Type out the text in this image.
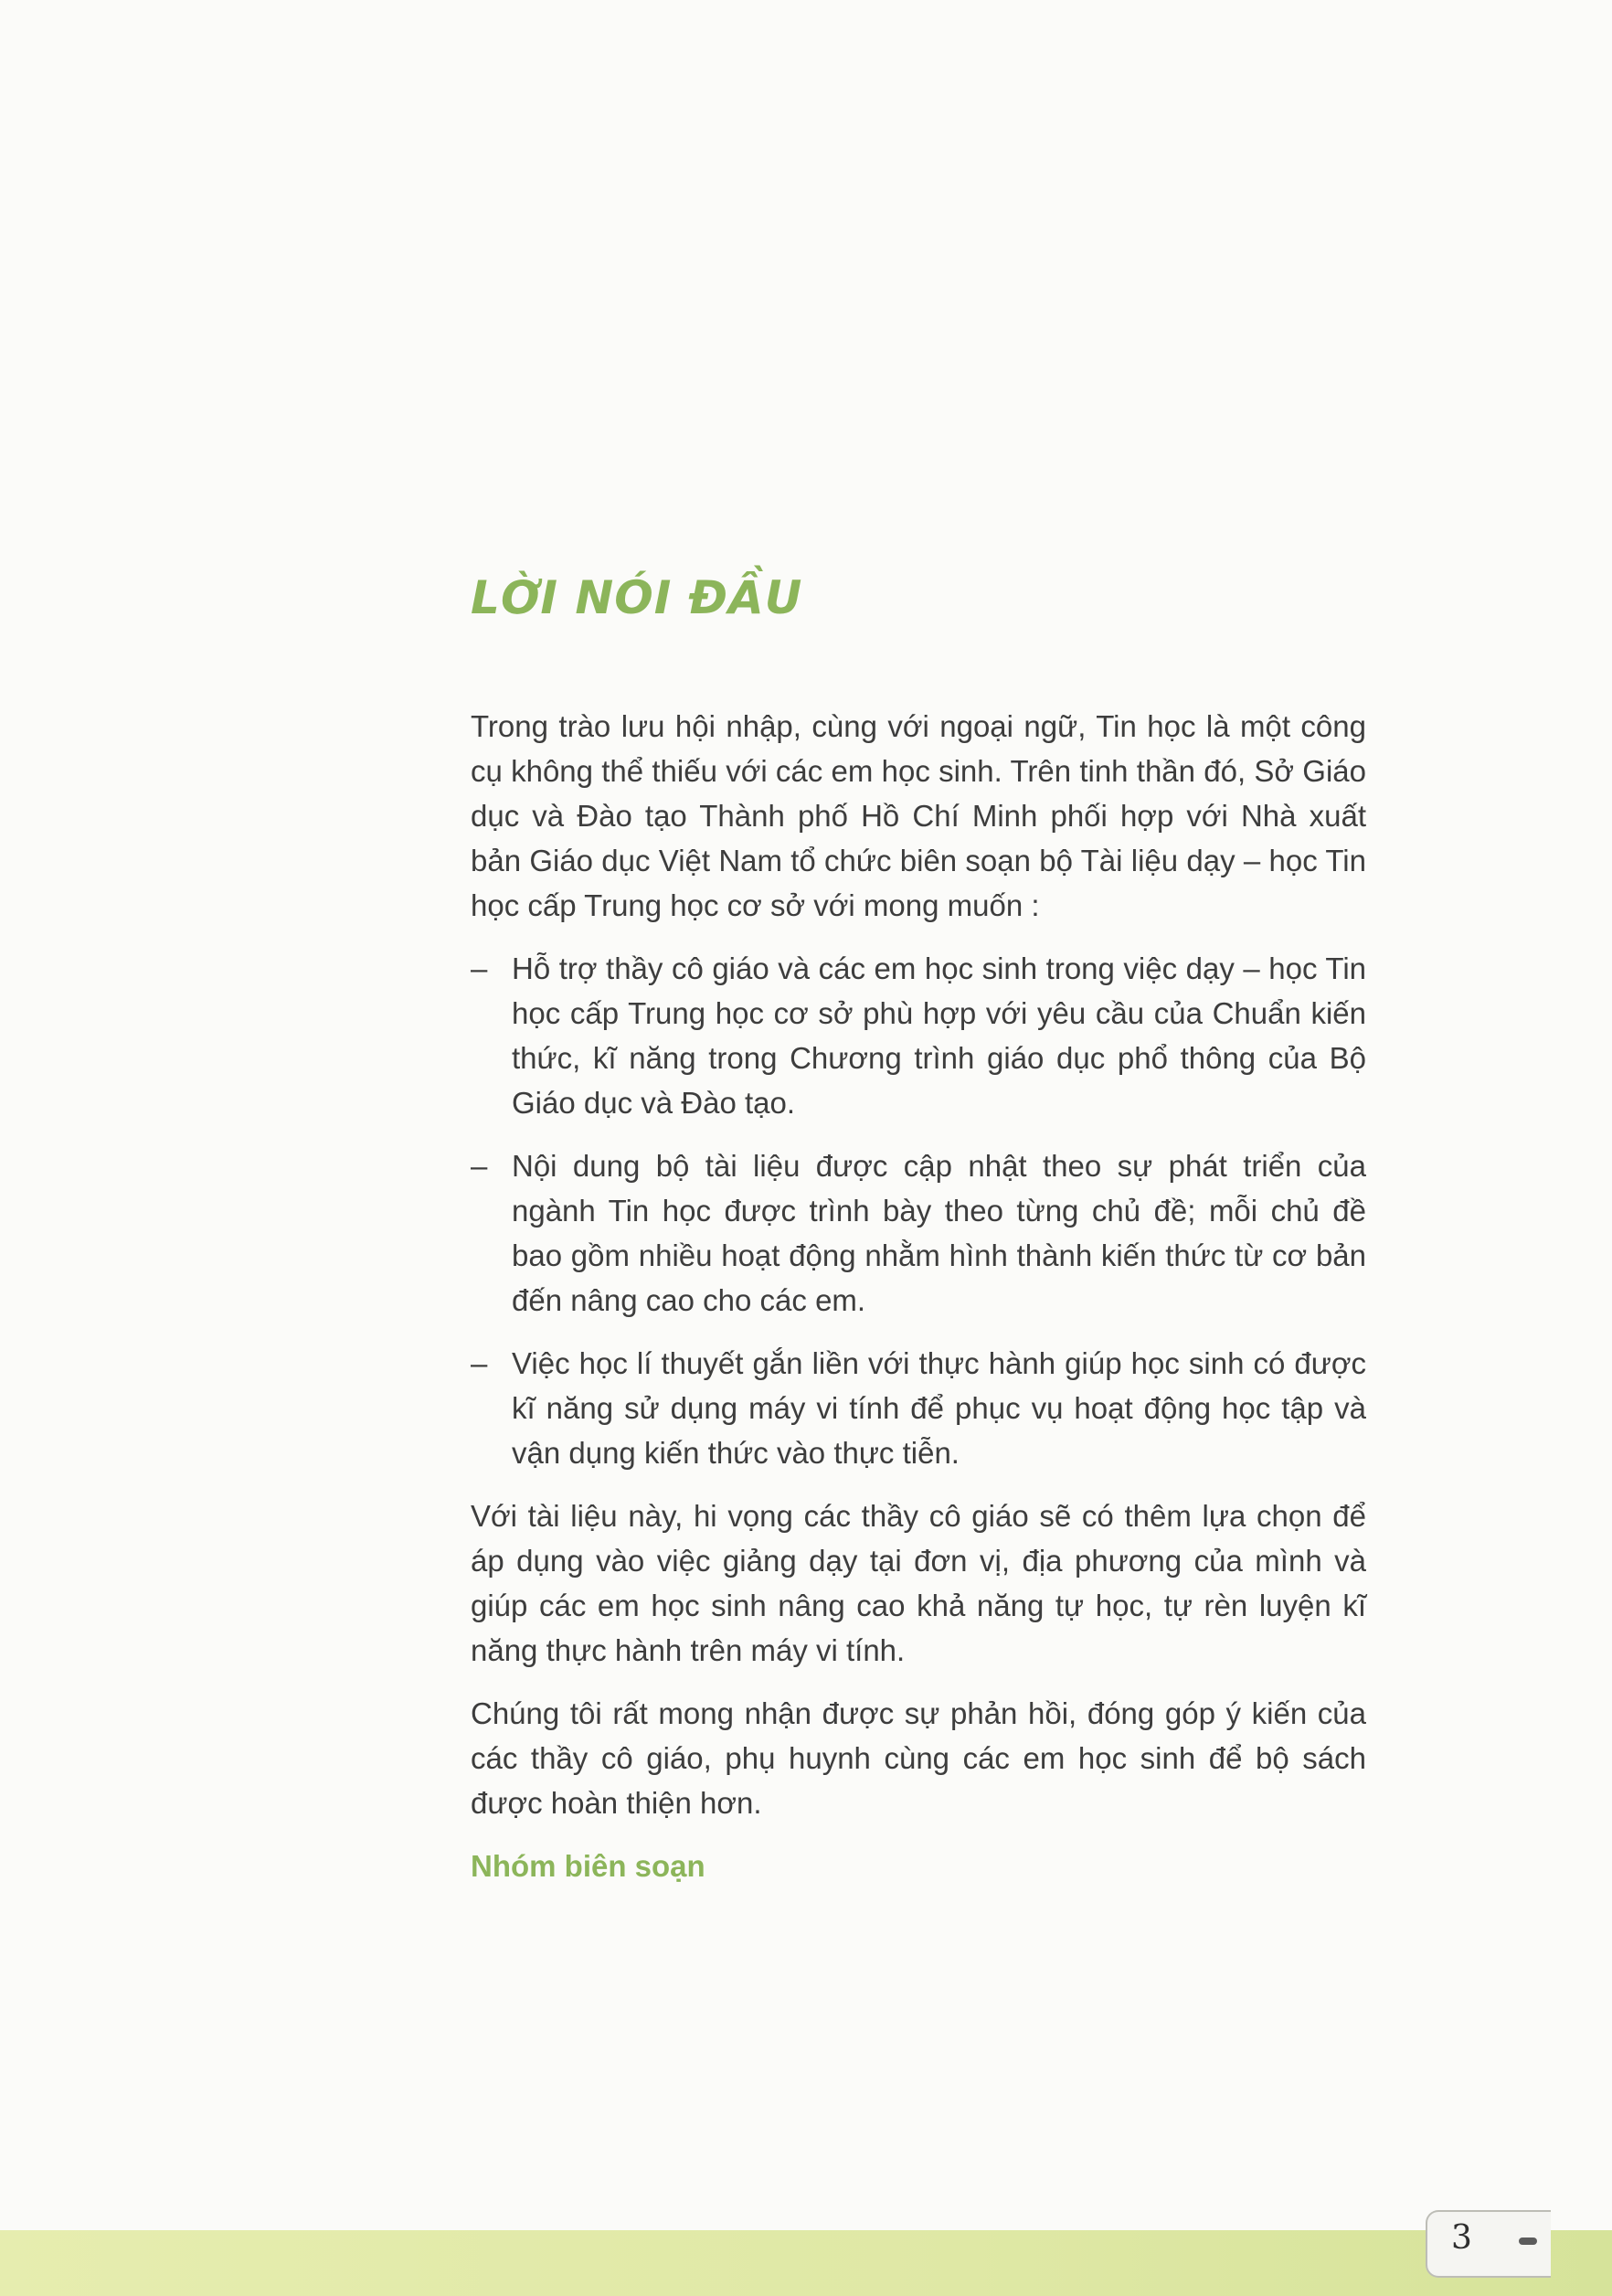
LỜI NÓI ĐẦU

Trong trào lưu hội nhập, cùng với ngoại ngữ, Tin học là một công cụ không thể thiếu với các em học sinh. Trên tinh thần đó, Sở Giáo dục và Đào tạo Thành phố Hồ Chí Minh phối hợp với Nhà xuất bản Giáo dục Việt Nam tổ chức biên soạn bộ Tài liệu dạy – học Tin học cấp Trung học cơ sở với mong muốn :

– Hỗ trợ thầy cô giáo và các em học sinh trong việc dạy – học Tin học cấp Trung học cơ sở phù hợp với yêu cầu của Chuẩn kiến thức, kĩ năng trong Chương trình giáo dục phổ thông của Bộ Giáo dục và Đào tạo.
– Nội dung bộ tài liệu được cập nhật theo sự phát triển của ngành Tin học được trình bày theo từng chủ đề; mỗi chủ đề bao gồm nhiều hoạt động nhằm hình thành kiến thức từ cơ bản đến nâng cao cho các em.
– Việc học lí thuyết gắn liền với thực hành giúp học sinh có được kĩ năng sử dụng máy vi tính để phục vụ hoạt động học tập và vận dụng kiến thức vào thực tiễn.

Với tài liệu này, hi vọng các thầy cô giáo sẽ có thêm lựa chọn để áp dụng vào việc giảng dạy tại đơn vị, địa phương của mình và giúp các em học sinh nâng cao khả năng tự học, tự rèn luyện kĩ năng thực hành trên máy vi tính.

Chúng tôi rất mong nhận được sự phản hồi, đóng góp ý kiến của các thầy cô giáo, phụ huynh cùng các em học sinh để bộ sách được hoàn thiện hơn.

Nhóm biên soạn

3
